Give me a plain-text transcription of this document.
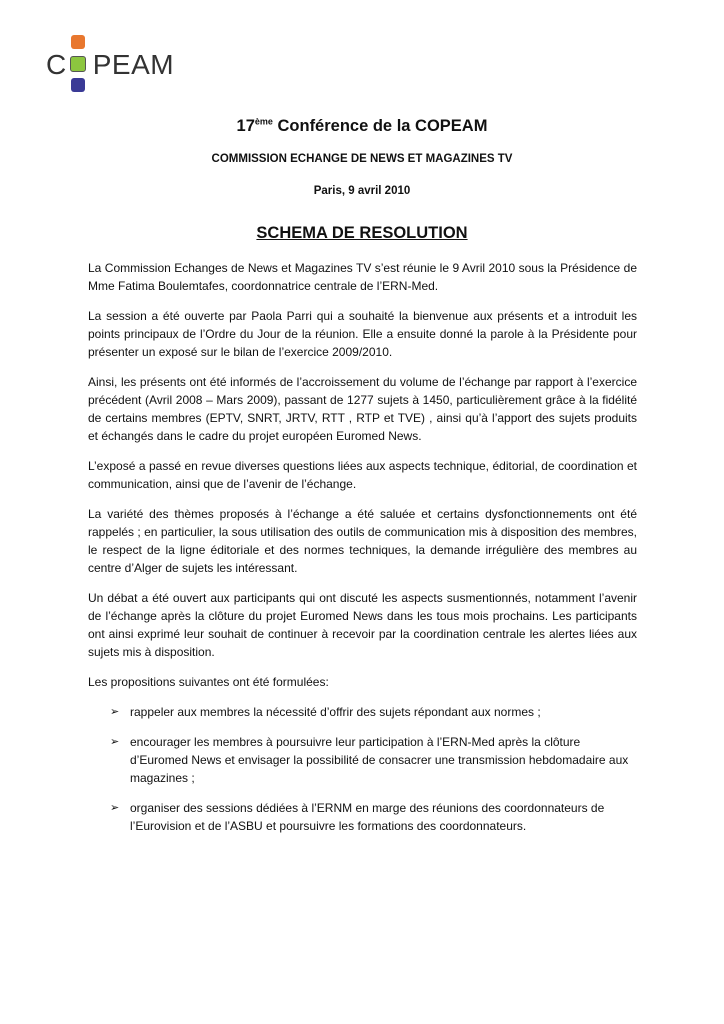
C PEAM
17ème Conférence de la COPEAM
COMMISSION ECHANGE DE NEWS ET MAGAZINES TV
Paris, 9 avril 2010
SCHEMA DE RESOLUTION

La Commission Echanges de News et Magazines TV s’est réunie le 9 Avril 2010 sous la Présidence de Mme Fatima Boulemtafes, coordonnatrice centrale de l’ERN-Med.

La session a été ouverte par Paola Parri qui a souhaité la bienvenue aux présents et a introduit les points principaux de l’Ordre du Jour de la réunion. Elle a ensuite donné la parole à la Présidente pour présenter un exposé sur le bilan de l’exercice 2009/2010.

Ainsi, les présents ont été informés de l’accroissement du volume de l’échange par rapport à l’exercice précédent (Avril 2008 – Mars 2009), passant de 1277 sujets à 1450, particulièrement grâce à la fidélité de certains membres (EPTV, SNRT, JRTV, RTT , RTP et TVE) , ainsi qu’à l’apport des sujets produits et échangés dans le cadre du projet européen Euromed News.

L’exposé a passé en revue diverses questions liées aux aspects technique, éditorial, de coordination et communication, ainsi que de l’avenir de l’échange.

La variété des thèmes proposés à l’échange a été saluée et certains dysfonctionnements ont été rappelés ; en particulier, la sous utilisation des outils de communication mis à disposition des membres, le respect de la ligne éditoriale et des normes techniques, la demande irrégulière des membres au centre d’Alger de sujets les intéressant.

Un débat a été ouvert aux participants qui ont discuté les aspects susmentionnés, notamment l’avenir de l’échange après la clôture du projet Euromed News dans les tous mois prochains. Les participants ont ainsi exprimé leur souhait de continuer à recevoir par la coordination centrale les alertes liées aux sujets mis à disposition.

Les propositions suivantes ont été formulées:

➢ rappeler aux membres la nécessité d’offrir des sujets répondant aux normes ;
➢ encourager les membres à poursuivre leur participation à l’ERN-Med après la clôture d’Euromed News et envisager la possibilité de consacrer une transmission hebdomadaire aux magazines ;
➢ organiser des sessions dédiées à l’ERNM en marge des réunions des coordonnateurs de l’Eurovision et de l’ASBU et poursuivre les formations des coordonnateurs.
